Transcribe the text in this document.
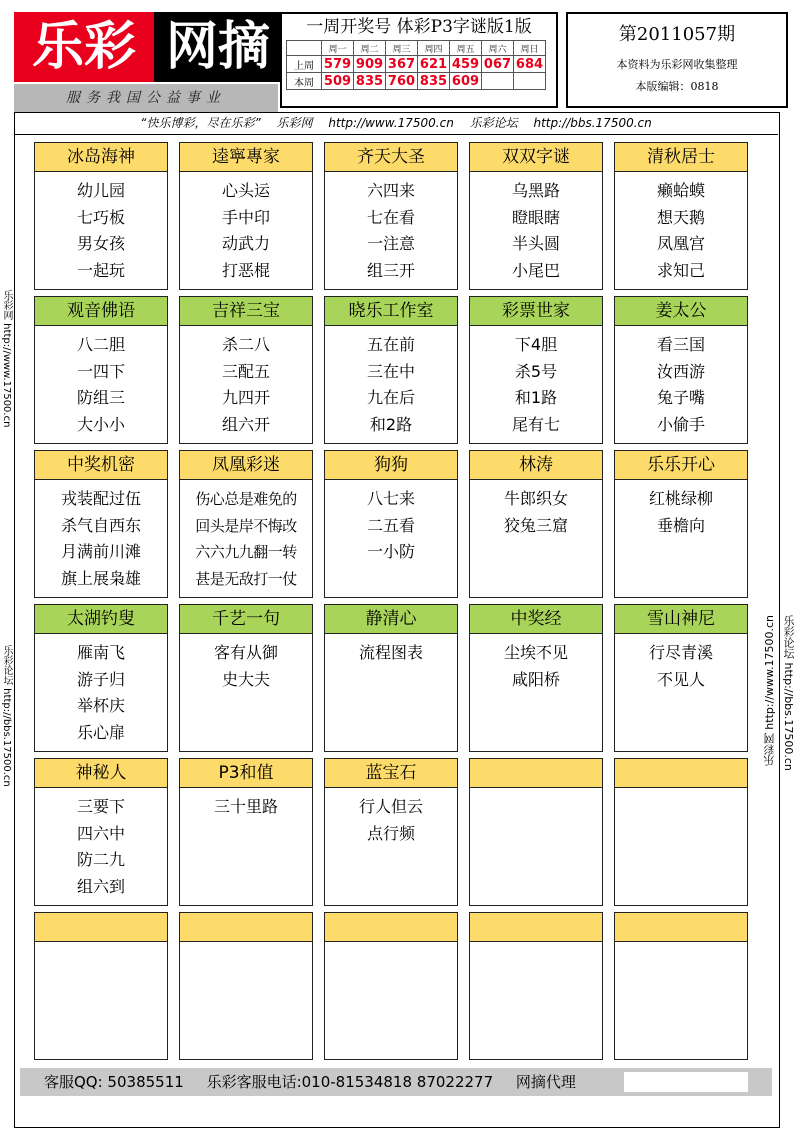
乐彩 网摘
服务我国公益事业
一周开奖号 体彩P3字谜版1版
	周一	周二	周三	周四	周五	周六	周日
上周	579	909	367	621	459	067	684
本周	509	835	760	835	609		
第2011057期
本资料为乐彩网收集整理
本版编辑：0818
“快乐博彩，尽在乐彩” 乐彩网 http://www.17500.cn 乐彩论坛 http://bbs.17500.cn
乐彩网 http://www.17500.cn
乐彩论坛 http://bbs.17500.cn	乐彩网 http://www.17500.cn 乐彩论坛 http://bbs.17500.cn
冰岛海神
幼儿园
七巧板
男女孩
一起玩
逵寧專家
心头运
手中印
动武力
打恶棍
齐天大圣
六四来
七在看
一注意
组三开
双双字谜
乌黑路
瞪眼瞎
半头圆
小尾巴
清秋居士
癞蛤蟆
想天鹅
凤凰宫
求知己
观音佛语
八二胆
一四下
防组三
大小小
吉祥三宝
杀二八
三配五
九四开
组六开
晓乐工作室
五在前
三在中
九在后
和2路
彩票世家
下4胆
杀5号
和1路
尾有七
姜太公
看三国
汝西游
兔子嘴
小偷手
中奖机密
戎装配过伍
杀气自西东
月满前川滩
旗上展枭雄
凤凰彩迷
伤心总是难免的
回头是岸不悔改
六六九九翻一转
甚是无敌打一仗
狗狗
八七来
二五看
一小防
林涛
牛郎织女
狡兔三窟
乐乐开心
红桃绿柳
垂檐向
太湖钓叟
雁南飞
游子归
举杯庆
乐心扉
千艺一句
客有从御
史大夫
静清心
流程图表
中奖经
尘埃不见
咸阳桥
雪山神尼
行尽青溪
不见人
神秘人
三要下
四六中
防二九
组六到
P3和值
三十里路
蓝宝石
行人但云
点行频
客服QQ: 50385511 乐彩客服电话:010-81534818 87022277 网摘代理
